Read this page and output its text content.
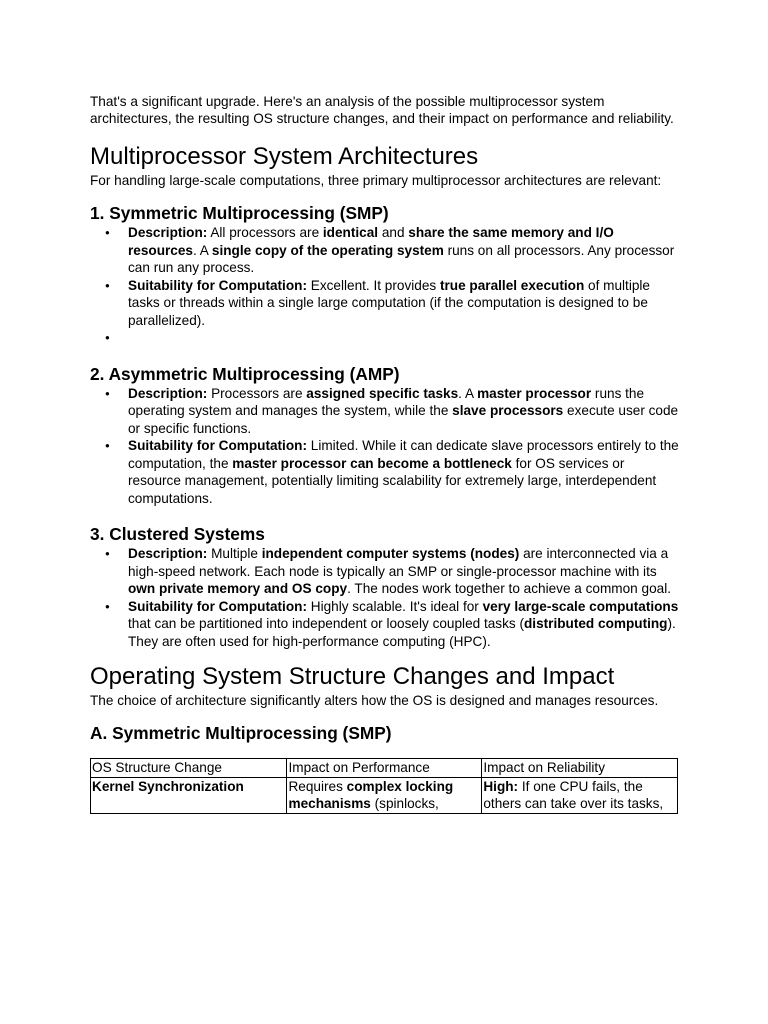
That's a significant upgrade. Here's an analysis of the possible multiprocessor system architectures, the resulting OS structure changes, and their impact on performance and reliability.

Multiprocessor System Architectures

For handling large-scale computations, three primary multiprocessor architectures are relevant:

1. Symmetric Multiprocessing (SMP)
● Description: All processors are identical and share the same memory and I/O resources. A single copy of the operating system runs on all processors. Any processor can run any process.
● Suitability for Computation: Excellent. It provides true parallel execution of multiple tasks or threads within a single large computation (if the computation is designed to be parallelized).
●
2. Asymmetric Multiprocessing (AMP)
● Description: Processors are assigned specific tasks. A master processor runs the operating system and manages the system, while the slave processors execute user code or specific functions.
● Suitability for Computation: Limited. While it can dedicate slave processors entirely to the computation, the master processor can become a bottleneck for OS services or resource management, potentially limiting scalability for extremely large, interdependent computations.
3. Clustered Systems
● Description: Multiple independent computer systems (nodes) are interconnected via a high-speed network. Each node is typically an SMP or single-processor machine with its own private memory and OS copy. The nodes work together to achieve a common goal.
● Suitability for Computation: Highly scalable. It's ideal for very large-scale computations that can be partitioned into independent or loosely coupled tasks (distributed computing). They are often used for high-performance computing (HPC).
Operating System Structure Changes and Impact

The choice of architecture significantly alters how the OS is designed and manages resources.

A. Symmetric Multiprocessing (SMP)
OS Structure Change	Impact on Performance	Impact on Reliability
Kernel Synchronization	Requires complex locking mechanisms (spinlocks,	High: If one CPU fails, the others can take over its tasks,
